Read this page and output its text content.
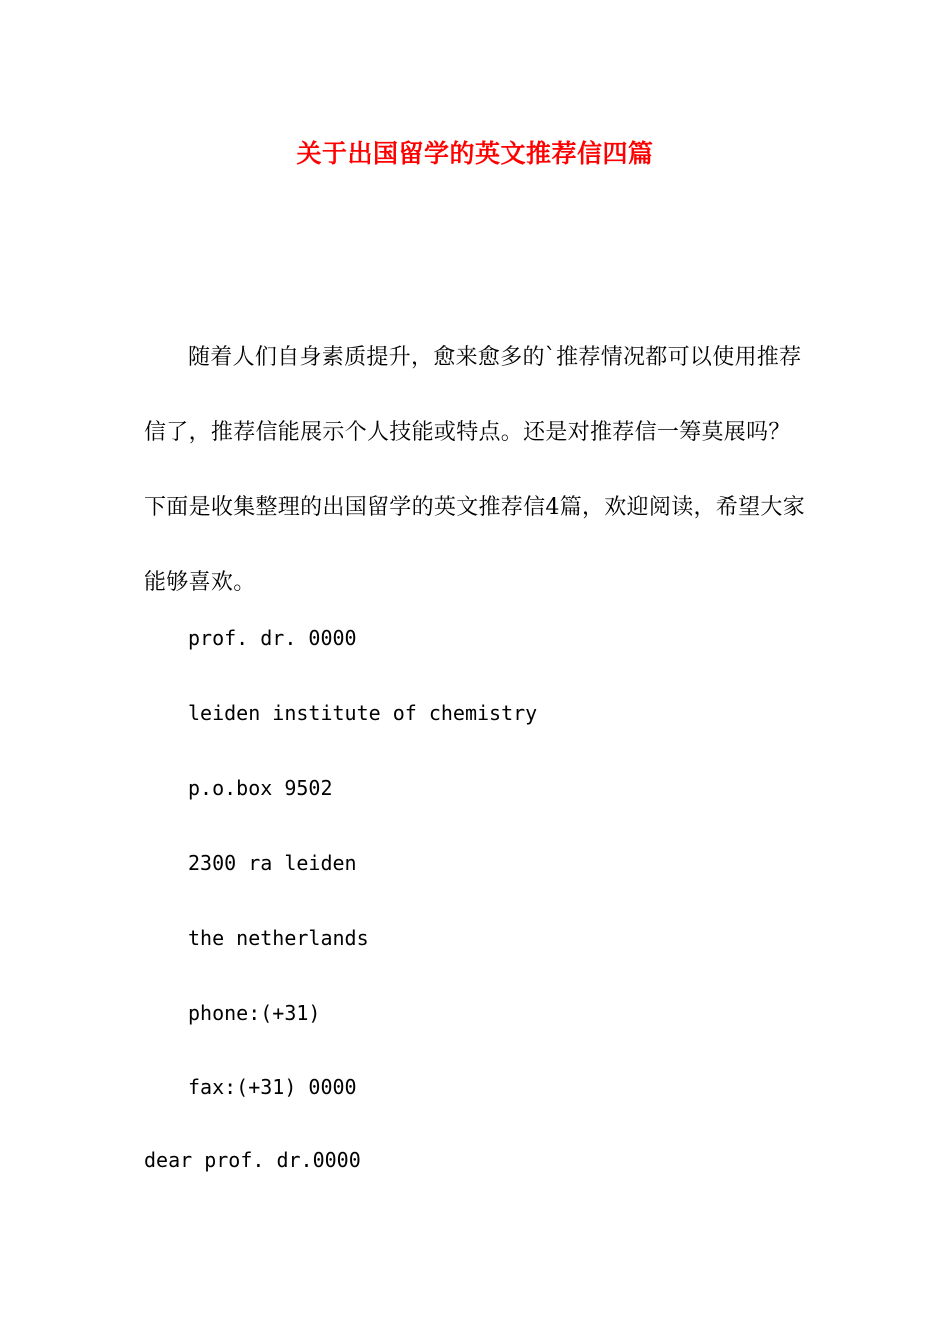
关于出国留学的英文推荐信四篇
随着人们自身素质提升，愈来愈多的`推荐情况都可以使用推荐信了，推荐信能展示个人技能或特点。还是对推荐信一筹莫展吗？下面是收集整理的出国留学的英文推荐信4篇，欢迎阅读，希望大家能够喜欢。
prof. dr. 0000
leiden institute of chemistry
p.o.box 9502
2300 ra leiden
the netherlands
phone:(+31)
fax:(+31) 0000
dear prof. dr.0000
